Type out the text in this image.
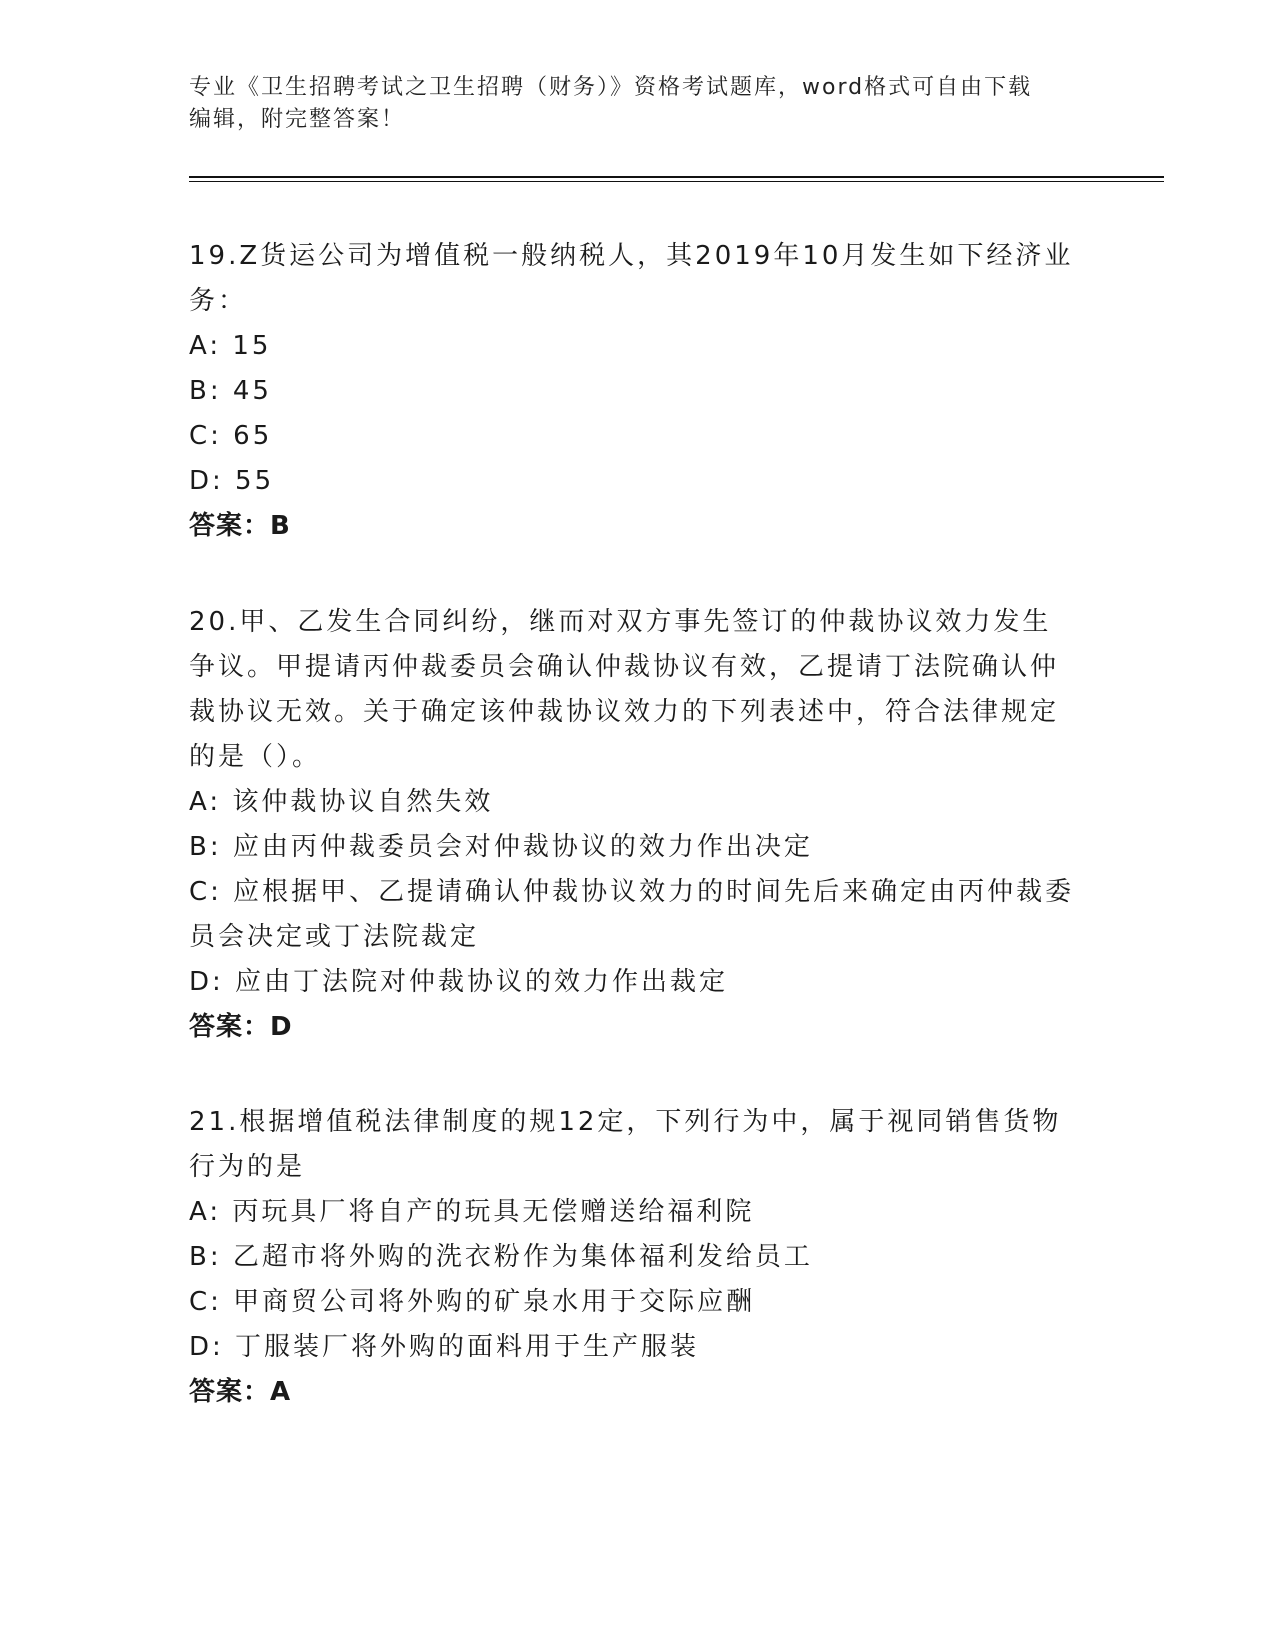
专业《卫生招聘考试之卫生招聘（财务）》资格考试题库，word格式可自由下载
编辑，附完整答案！
19.Z货运公司为增值税一般纳税人，其2019年10月发生如下经济业务：
A: 15
B: 45
C: 65
D: 55
答案：B
20.甲、乙发生合同纠纷，继而对双方事先签订的仲裁协议效力发生争议。甲提请丙仲裁委员会确认仲裁协议有效，乙提请丁法院确认仲裁协议无效。关于确定该仲裁协议效力的下列表述中，符合法律规定的是（）。
A: 该仲裁协议自然失效
B: 应由丙仲裁委员会对仲裁协议的效力作出决定
C: 应根据甲、乙提请确认仲裁协议效力的时间先后来确定由丙仲裁委员会决定或丁法院裁定
D: 应由丁法院对仲裁协议的效力作出裁定
答案：D
21.根据增值税法律制度的规12定，下列行为中，属于视同销售货物行为的是
A: 丙玩具厂将自产的玩具无偿赠送给福利院
B: 乙超市将外购的洗衣粉作为集体福利发给员工
C: 甲商贸公司将外购的矿泉水用于交际应酬
D: 丁服装厂将外购的面料用于生产服装
答案：A
